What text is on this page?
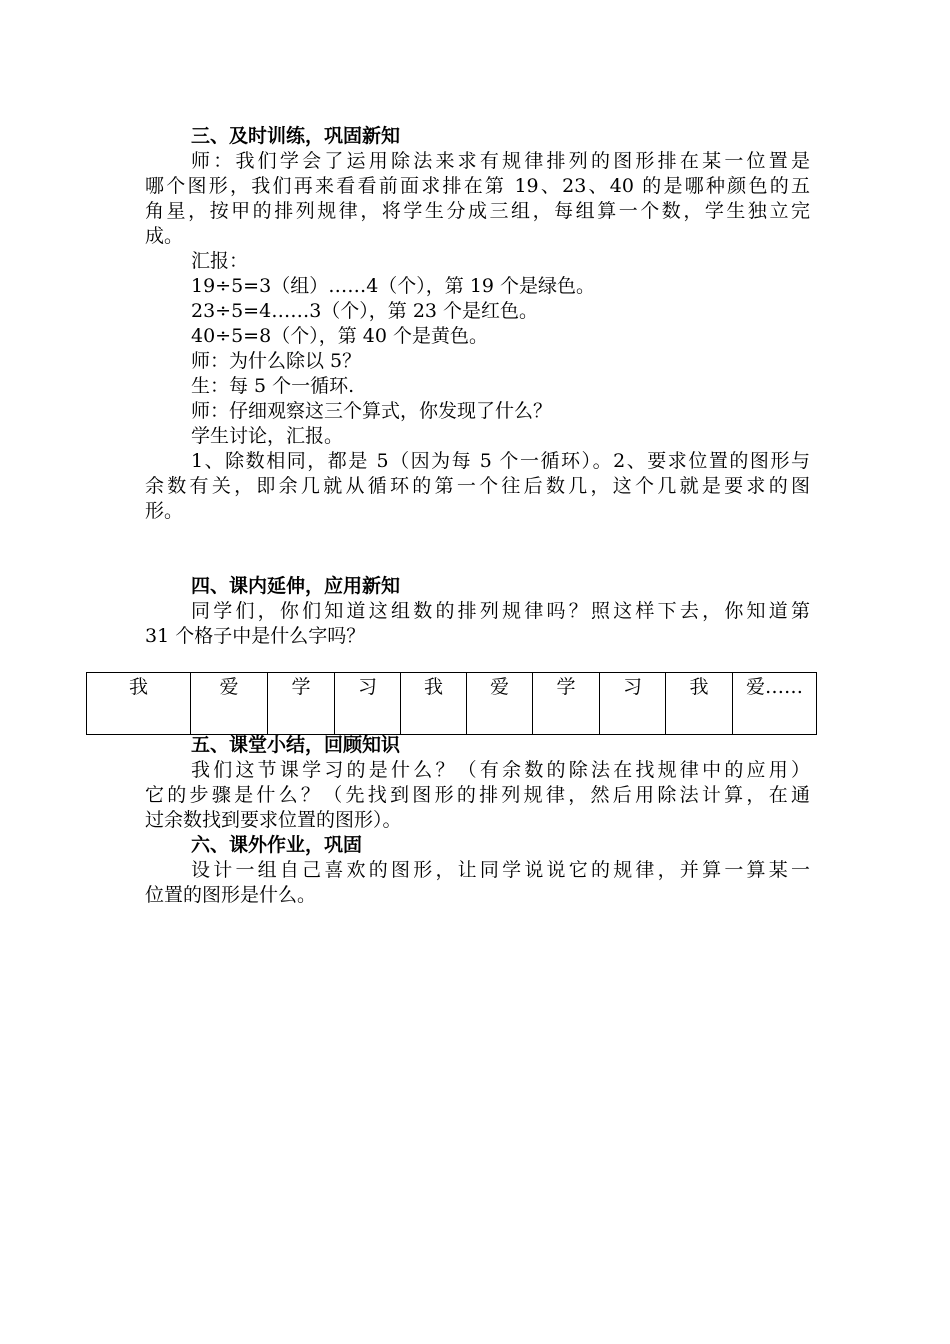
三、及时训练，巩固新知
师：我们学会了运用除法来求有规律排列的图形排在某一位置是
哪个图形，我们再来看看前面求排在第 19、23、40 的是哪种颜色的五
角星，按甲的排列规律，将学生分成三组，每组算一个数，学生独立完
成。
汇报：
19÷5=3（组）……4（个），第 19 个是绿色。
23÷5=4……3（个），第 23 个是红色。
40÷5=8（个），第 40 个是黄色。
师：为什么除以 5？
生：每 5 个一循环.
师：仔细观察这三个算式，你发现了什么？
学生讨论，汇报。
1、除数相同，都是 5（因为每 5 个一循环）。2、要求位置的图形与
余数有关，即余几就从循环的第一个往后数几，这个几就是要求的图
形。
四、课内延伸，应用新知
同学们，你们知道这组数的排列规律吗？照这样下去，你知道第
31 个格子中是什么字吗？
我	爱	学	习	我	爱	学	习	我	爱……
五、课堂小结，回顾知识
我们这节课学习的是什么？（有余数的除法在找规律中的应用）
它的步骤是什么？（先找到图形的排列规律，然后用除法计算，在通
过余数找到要求位置的图形）。
六、课外作业，巩固
设计一组自己喜欢的图形，让同学说说它的规律，并算一算某一
位置的图形是什么。
